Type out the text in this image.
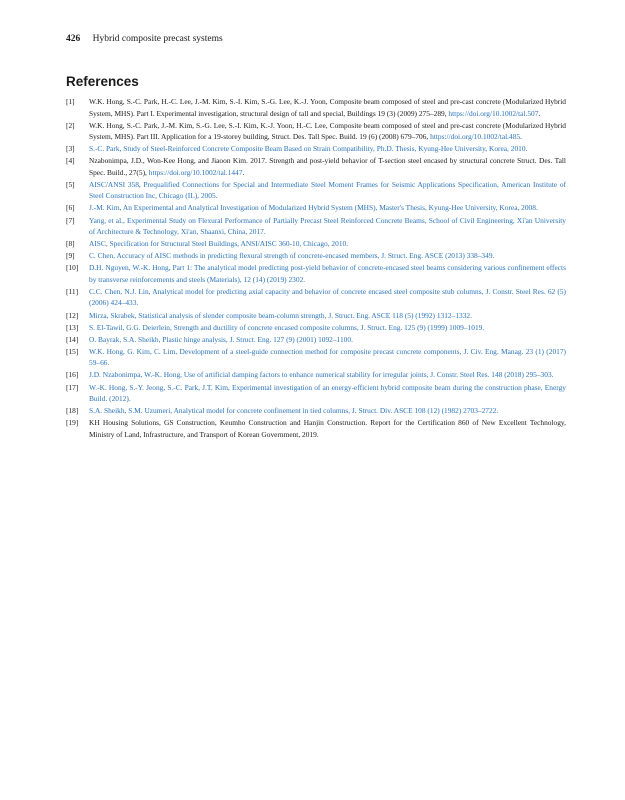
426 Hybrid composite precast systems
References
[1]	W.K. Hong, S.-C. Park, H.-C. Lee, J.-M. Kim, S.-I. Kim, S.-G. Lee, K.-J. Yoon, Composite beam composed of steel and pre-cast concrete (Modularized Hybrid System, MHS). Part I. Experimental investigation, structural design of tall and special, Buildings 19 (3) (2009) 275–289, https://doi.org/10.1002/tal.507.
[2]	W.K. Hong, S.-C. Park, J.-M. Kim, S.-G. Lee, S.-I. Kim, K.-J. Yoon, H.-C. Lee, Composite beam composed of steel and pre-cast concrete (Modularized Hybrid System, MHS). Part III. Application for a 19-storey building, Struct. Des. Tall Spec. Build. 19 (6) (2008) 679–706, https://doi.org/10.1002/tal.485.
[3]	S.-C. Park, Study of Steel-Reinforced Concrete Composite Beam Based on Strain Compatibility, Ph.D. Thesis, Kyung-Hee University, Korea, 2010.
[4]	Nzabonimpa, J.D., Won-Kee Hong, and Jiaoon Kim. 2017. Strength and post-yield behavior of T-section steel encased by structural concrete Struct. Des. Tall Spec. Build., 27(5), https://doi.org/10.1002/tal.1447.
[5]	AISC/ANSI 358, Prequalified Connections for Special and Intermediate Steel Moment Frames for Seismic Applications Specification, American Institute of Steel Construction Inc, Chicago (IL), 2005.
[6]	J.-M. Kim, An Experimental and Analytical Investigation of Modularized Hybrid System (MHS), Master's Thesis, Kyung-Hee University, Korea, 2008.
[7]	Yang, et al., Experimental Study on Flexural Performance of Partially Precast Steel Reinforced Concrete Beams, School of Civil Engineering, Xi'an University of Architecture & Technology, Xi'an, Shaanxi, China, 2017.
[8]	AISC, Specification for Structural Steel Buildings, ANSI/AISC 360-10, Chicago, 2010.
[9]	C. Chen, Accuracy of AISC methods in predicting flexural strength of concrete-encased members, J. Struct. Eng. ASCE (2013) 338–349.
[10]	D.H. Nguyen, W.-K. Hong, Part 1: The analytical model predicting post-yield behavior of concrete-encased steel beams considering various confinement effects by transverse reinforcements and steels (Materials), 12 (14) (2019) 2302.
[11]	C.C. Chen, N.J. Lin, Analytical model for predicting axial capacity and behavior of concrete encased steel composite stub columns, J. Constr. Steel Res. 62 (5) (2006) 424–433.
[12]	Mirza, Skrabek, Statistical analysis of slender composite beam-column strength, J. Struct. Eng. ASCE 118 (5) (1992) 1312–1332.
[13]	S. El-Tawil, G.G. Deierlein, Strength and ductility of concrete encased composite columns, J. Struct. Eng. 125 (9) (1999) 1009–1019.
[14]	O. Bayrak, S.A. Sheikh, Plastic hinge analysis, J. Struct. Eng. 127 (9) (2001) 1092–1100.
[15]	W.K. Hong, G. Kim, C. Lim, Development of a steel-guide connection method for composite precast concrete components, J. Civ. Eng. Manag. 23 (1) (2017) 59–66.
[16]	J.D. Nzabonimpa, W.-K. Hong, Use of artificial damping factors to enhance numerical stability for irregular joints, J. Constr. Steel Res. 148 (2018) 295–303.
[17]	W.-K. Hong, S.-Y. Jeong, S.-C. Park, J.T. Kim, Experimental investigation of an energy-efficient hybrid composite beam during the construction phase, Energy Build. (2012).
[18]	S.A. Sheikh, S.M. Uzumeri, Analytical model for concrete confinement in tied columns, J. Struct. Div. ASCE 108 (12) (1982) 2703–2722.
[19]	KH Housing Solutions, GS Construction, Keumho Construction and Hanjin Construction. Report for the Certification 860 of New Excellent Technology, Ministry of Land, Infrastructure, and Transport of Korean Government, 2019.
